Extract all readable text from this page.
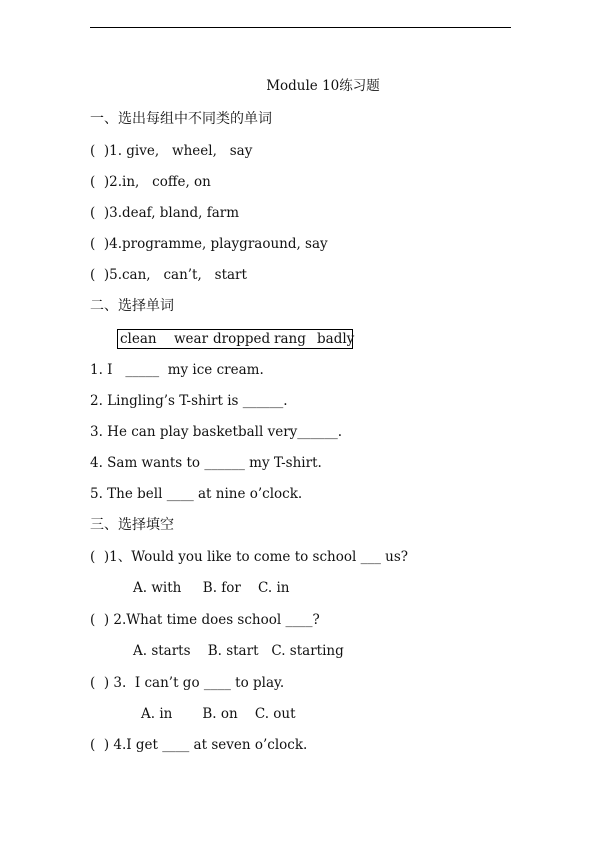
Module 10练习题
一、选出每组中不同类的单词
(  )1. give,   wheel,   say
(  )2.in,   coffe, on
(  )3.deaf, bland, farm
(  )4.programme, playgraound, say
(  )5.can,   can’t,   start
二、选择单词
clean wear dropped rang badly
1. I   _____  my ice cream.
2. Lingling’s T-shirt is ______.
3. He can play basketball very______.
4. Sam wants to ______ my T-shirt.
5. The bell ____ at nine o’clock.
三、选择填空
(  )1、Would you like to come to school ___ us?
A. with     B. for    C. in
(  ) 2.What time does school ____?
A. starts    B. start   C. starting
(  ) 3.  I can’t go ____ to play.
A. in       B. on    C. out
(  ) 4.I get ____ at seven o’clock.
